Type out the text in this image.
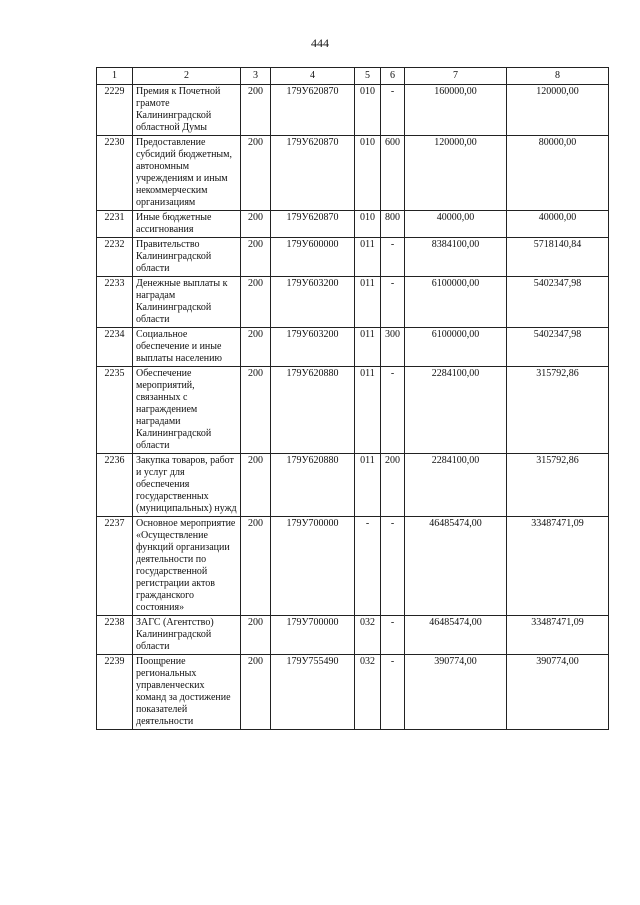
444
1	2	3	4	5	6	7	8
2229	Премия к Почетной грамоте Калининградской областной Думы	200	179У620870	010	-	160000,00	120000,00
2230	Предоставление субсидий бюджетным, автономным учреждениям и иным некоммерческим организациям	200	179У620870	010	600	120000,00	80000,00
2231	Иные бюджетные ассигнования	200	179У620870	010	800	40000,00	40000,00
2232	Правительство Калининградской области	200	179У600000	011	-	8384100,00	5718140,84
2233	Денежные выплаты к наградам Калининградской области	200	179У603200	011	-	6100000,00	5402347,98
2234	Социальное обеспечение и иные выплаты населению	200	179У603200	011	300	6100000,00	5402347,98
2235	Обеспечение мероприятий, связанных с награждением наградами Калининградской области	200	179У620880	011	-	2284100,00	315792,86
2236	Закупка товаров, работ и услуг для обеспечения государственных (муниципальных) нужд	200	179У620880	011	200	2284100,00	315792,86
2237	Основное мероприятие «Осуществление функций организации деятельности по государственной регистрации актов гражданского состояния»	200	179У700000	-	-	46485474,00	33487471,09
2238	ЗАГС (Агентство) Калининградской области	200	179У700000	032	-	46485474,00	33487471,09
2239	Поощрение региональных управленческих команд за достижение показателей деятельности	200	179У755490	032	-	390774,00	390774,00
